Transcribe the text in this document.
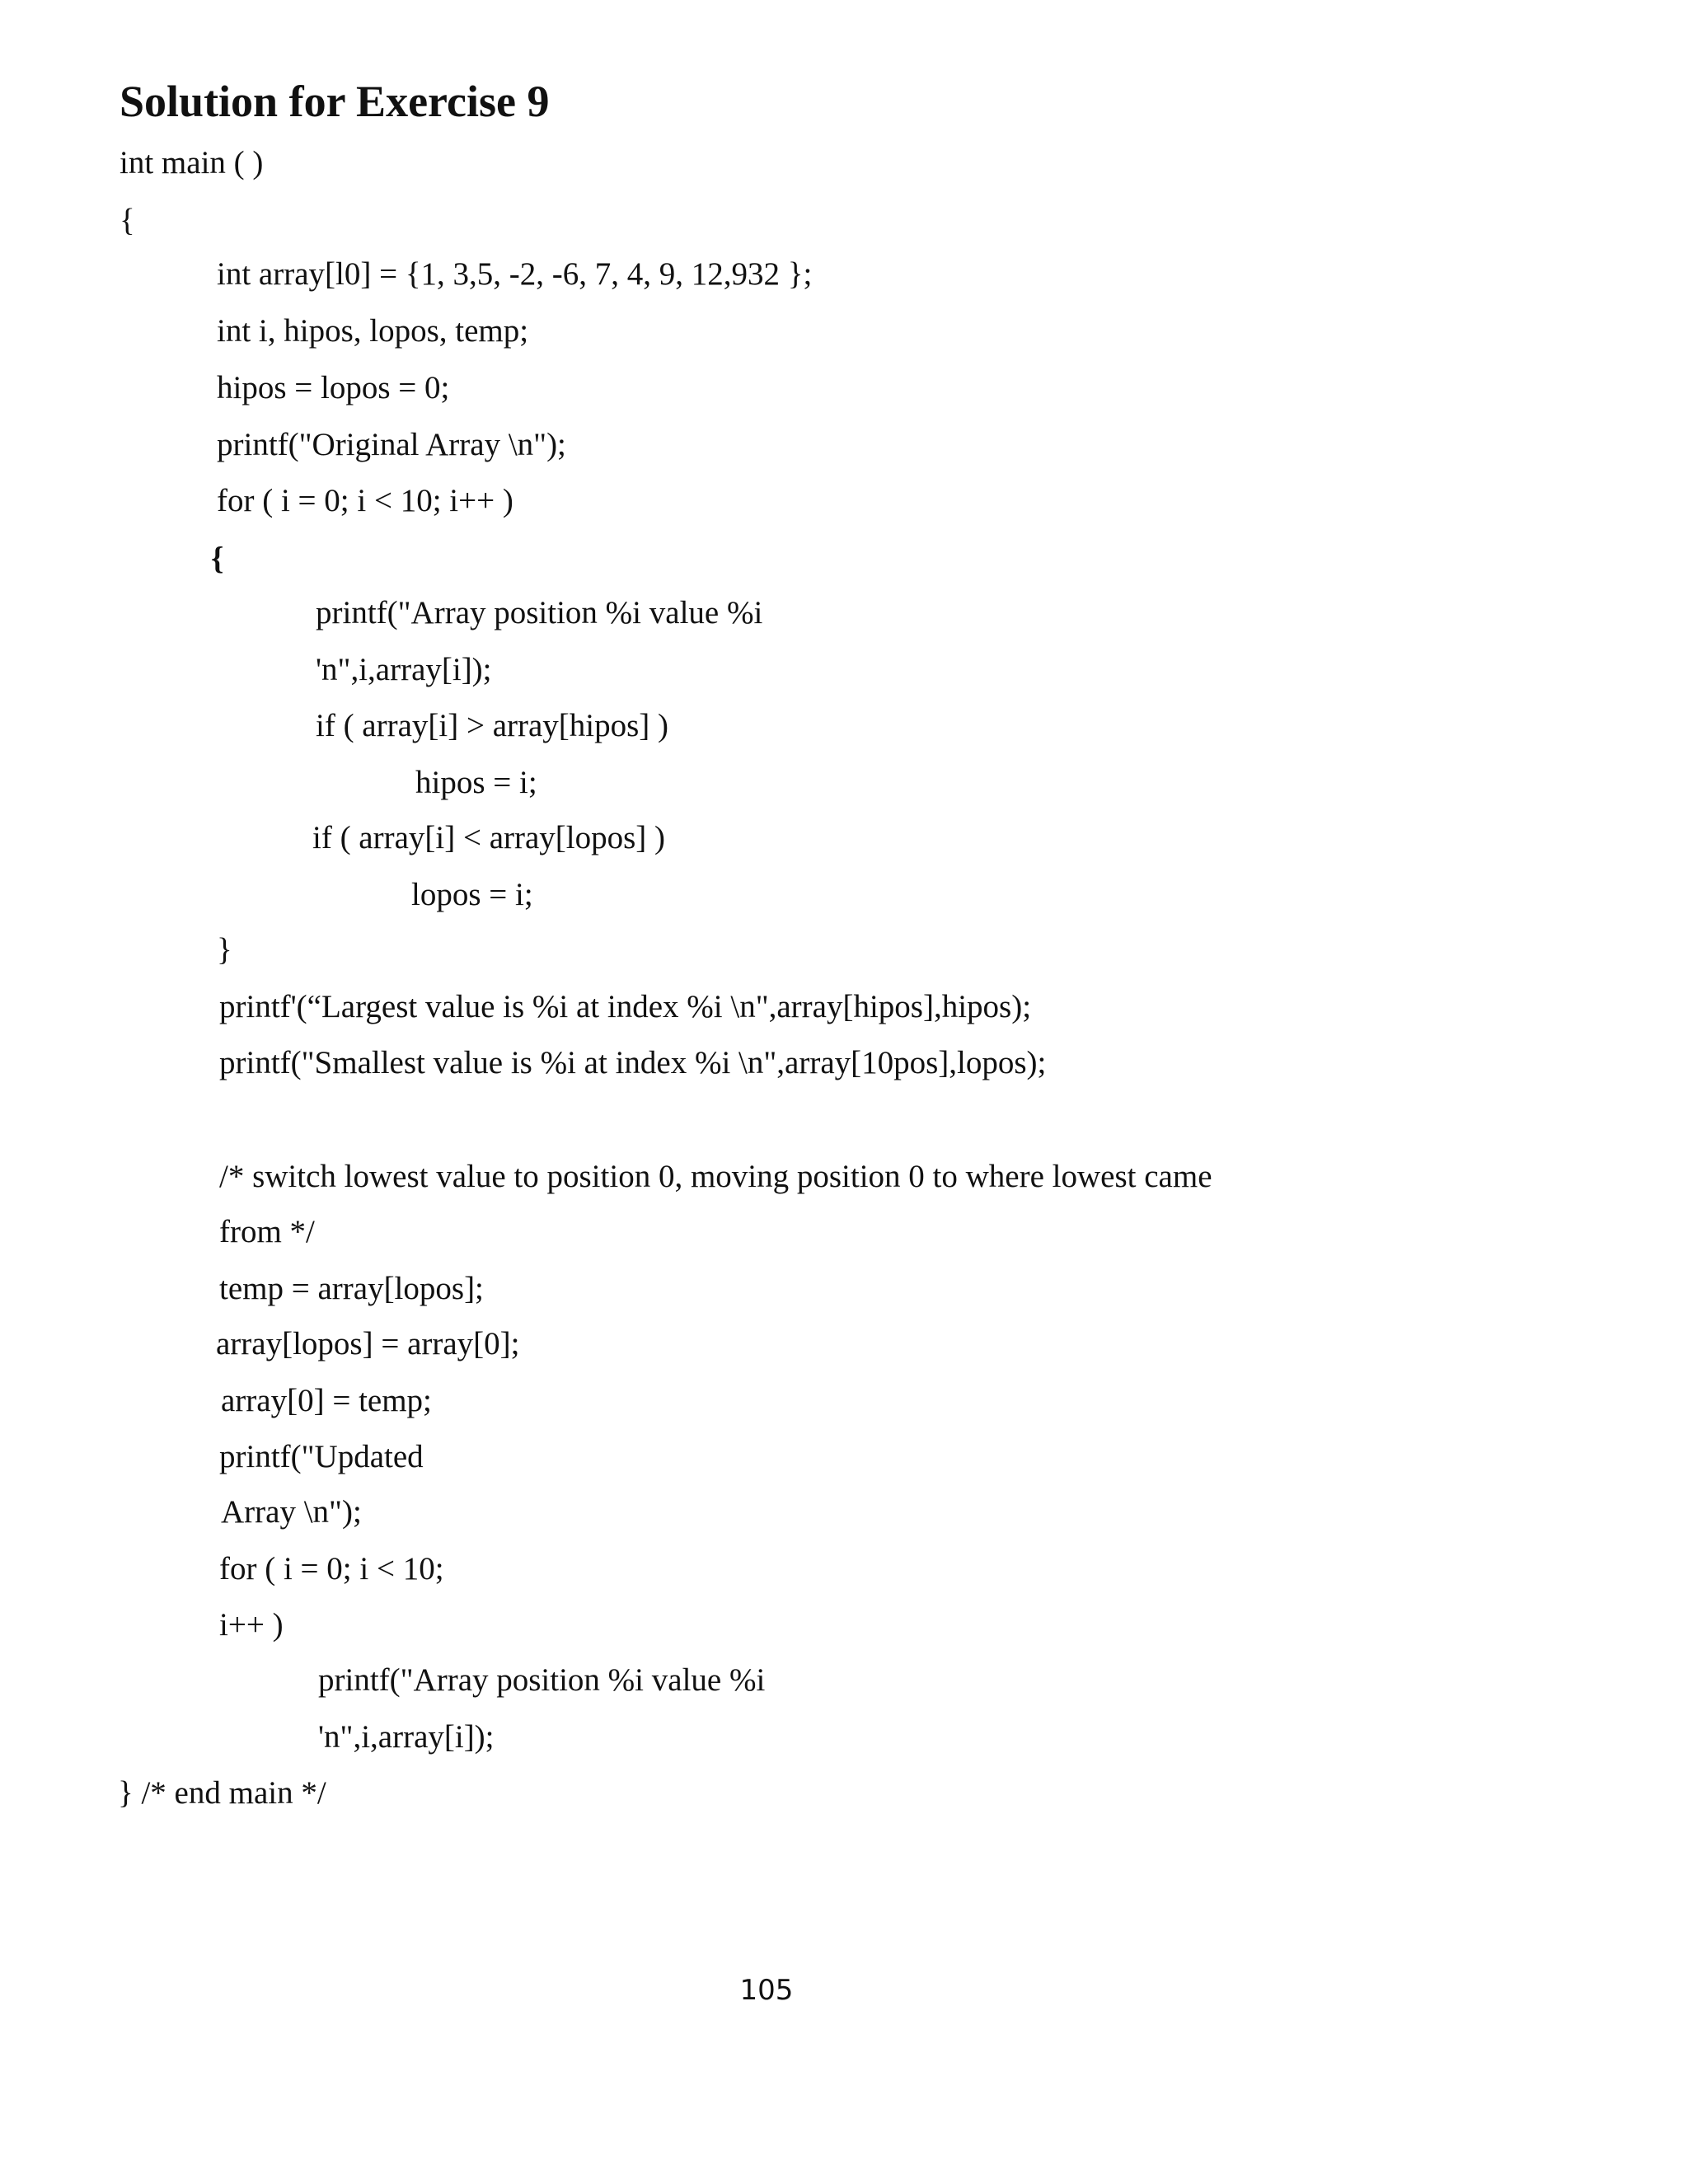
Solution for Exercise 9
int main ( )
{
int array[l0] = {1, 3,5, -2, -6, 7, 4, 9, 12,932 };
int i, hipos, lopos, temp;
hipos = lopos = 0;
printf("Original Array \n");
for ( i = 0; i < 10; i++ )
{
printf("Array position %i value %i
'n",i,array[i]);
if ( array[i] > array[hipos] )
hipos = i;
if ( array[i] < array[lopos] )
lopos = i;
}
printf'(“Largest value is %i at index %i \n",array[hipos],hipos);
printf("Smallest value is %i at index %i \n",array[10pos],lopos);
/* switch lowest value to position 0, moving position 0 to where lowest came
from */
temp = array[lopos];
array[lopos] = array[0];
array[0] = temp;
printf("Updated
Array \n");
for ( i = 0; i < 10;
i++ )
printf("Array position %i value %i
'n",i,array[i]);
} /* end main */
105
